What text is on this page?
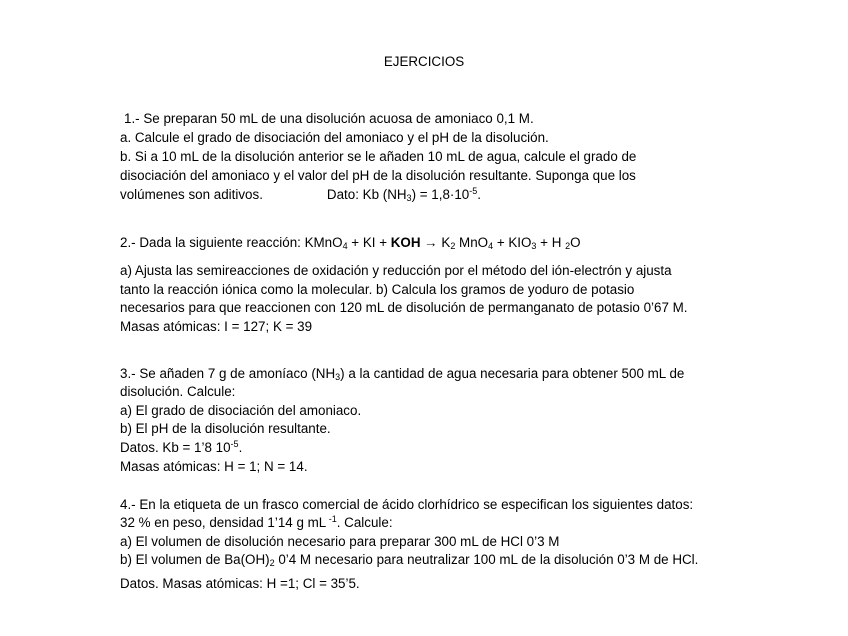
EJERCICIOS
1.- Se preparan 50 mL de una disolución acuosa de amoniaco 0,1 M.
a. Calcule el grado de disociación del amoniaco y el pH de la disolución.
b. Si a 10 mL de la disolución anterior se le añaden 10 mL de agua, calcule el grado de
disociación del amoniaco y el valor del pH de la disolución resultante. Suponga que los
volúmenes son aditivos.	Dato: Kb $(NH_3) = 1,8\cdot 10^{-5}$.
2.- Dada la siguiente reacción: KMnO$_4$ + KI + KOH → $K_2$ $MnO_4 + KIO_3 + H$ $_2$O
a) Ajusta las semireacciones de oxidación y reducción por el método del ión-electrón y ajusta
tanto la reacción iónica como la molecular. b) Calcula los gramos de yoduro de potasio
necesarios para que reaccionen con 120 mL de disolución de permanganato de potasio 0’67 M.
Masas atómicas: I = 127; K = 39
3.- Se añaden 7 g de amoníaco $(NH_3)$ a la cantidad de agua necesaria para obtener 500 mL de
disolución. Calcule:
a) El grado de disociación del amoniaco.
b) El pH de la disolución resultante.
Datos. Kb = 1’8 $10^{-5}$.
Masas atómicas: H = 1; N = 14.
4.- En la etiqueta de un frasco comercial de ácido clorhídrico se especifican los siguientes datos:
32 % en peso, densidad 1’14 g mL $^{-1}$. Calcule:
a) El volumen de disolución necesario para preparar 300 mL de HCl 0’3 M
b) El volumen de $Ba(OH)_2$ 0’4 M necesario para neutralizar 100 mL de la disolución 0’3 M de HCl.
Datos. Masas atómicas: H =1; Cl = 35’5.
